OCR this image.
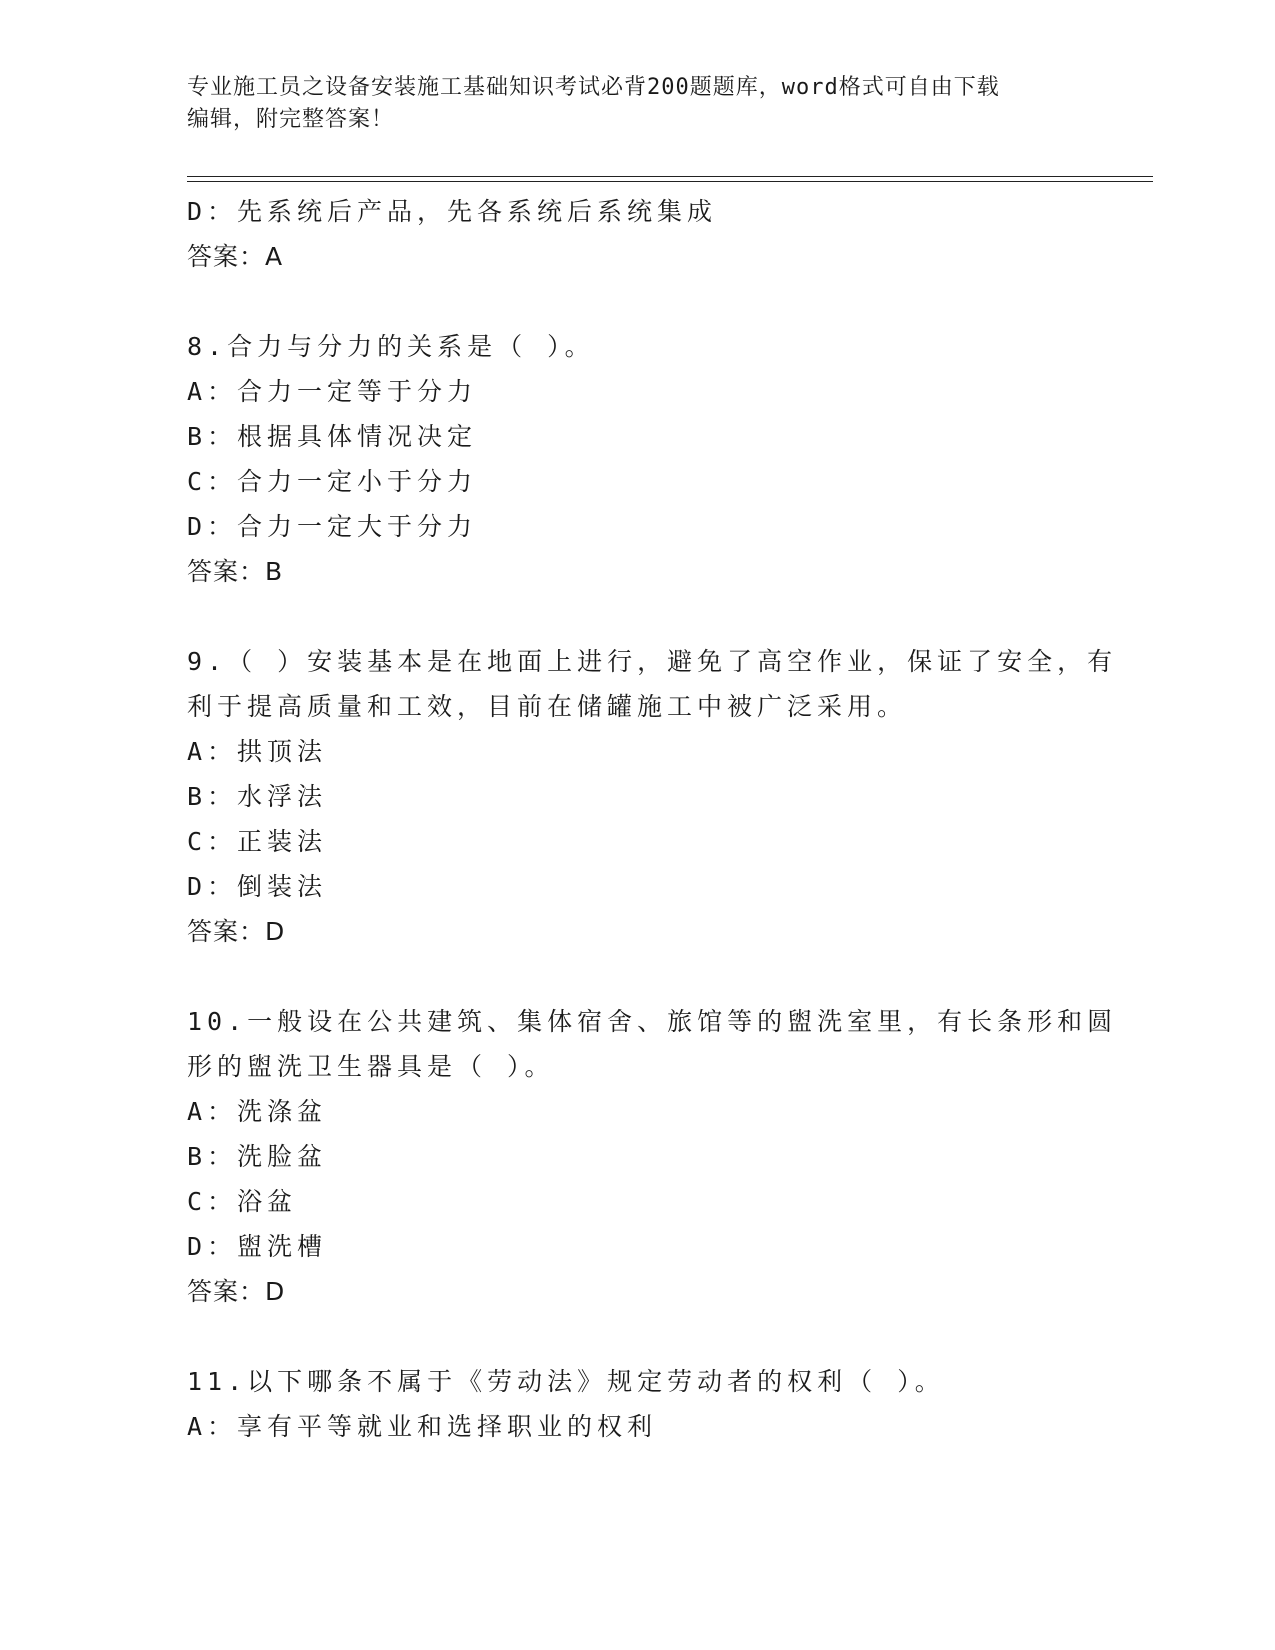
专业施工员之设备安装施工基础知识考试必背200题题库，word格式可自由下载
编辑，附完整答案！
D：先系统后产品，先各系统后系统集成
答案：A
8.合力与分力的关系是（ ）。
A：合力一定等于分力
B：根据具体情况决定
C：合力一定小于分力
D：合力一定大于分力
答案：B
9.（ ）安装基本是在地面上进行，避免了高空作业，保证了安全，有
利于提高质量和工效，目前在储罐施工中被广泛采用。
A：拱顶法
B：水浮法
C：正装法
D：倒装法
答案：D
10.一般设在公共建筑、集体宿舍、旅馆等的盥洗室里，有长条形和圆
形的盥洗卫生器具是（ ）。
A：洗涤盆
B：洗脸盆
C：浴盆
D：盥洗槽
答案：D
11.以下哪条不属于《劳动法》规定劳动者的权利（ ）。
A：享有平等就业和选择职业的权利
